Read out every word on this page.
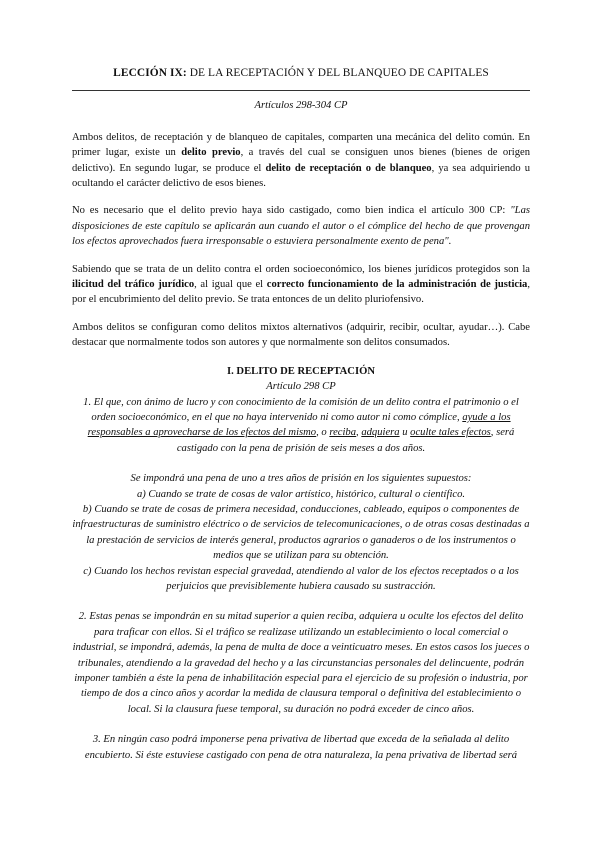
LECCIÓN IX: DE LA RECEPTACIÓN Y DEL BLANQUEO DE CAPITALES
Artículos 298-304 CP

Ambos delitos, de receptación y de blanqueo de capitales, comparten una mecánica del delito común. En primer lugar, existe un delito previo, a través del cual se consiguen unos bienes (bienes de origen delictivo). En segundo lugar, se produce el delito de receptación o de blanqueo, ya sea adquiriendo u ocultando el carácter delictivo de esos bienes.

No es necesario que el delito previo haya sido castigado, como bien indica el artículo 300 CP: "Las disposiciones de este capítulo se aplicarán aun cuando el autor o el cómplice del hecho de que provengan los efectos aprovechados fuera irresponsable o estuviera personalmente exento de pena".

Sabiendo que se trata de un delito contra el orden socioeconómico, los bienes jurídicos protegidos son la ilicitud del tráfico jurídico, al igual que el correcto funcionamiento de la administración de justicia, por el encubrimiento del delito previo. Se trata entonces de un delito pluriofensivo.

Ambos delitos se configuran como delitos mixtos alternativos (adquirir, recibir, ocultar, ayudar…). Cabe destacar que normalmente todos son autores y que normalmente son delitos consumados.

I. DELITO DE RECEPTACIÓN
Artículo 298 CP
1. El que, con ánimo de lucro y con conocimiento de la comisión de un delito contra el patrimonio o el orden socioeconómico, en el que no haya intervenido ni como autor ni como cómplice, ayude a los responsables a aprovecharse de los efectos del mismo, o reciba, adquiera u oculte tales efectos, será castigado con la pena de prisión de seis meses a dos años.
Se impondrá una pena de uno a tres años de prisión en los siguientes supuestos:
a) Cuando se trate de cosas de valor artístico, histórico, cultural o científico.
b) Cuando se trate de cosas de primera necesidad, conducciones, cableado, equipos o componentes de infraestructuras de suministro eléctrico o de servicios de telecomunicaciones, o de otras cosas destinadas a la prestación de servicios de interés general, productos agrarios o ganaderos o de los instrumentos o medios que se utilizan para su obtención.
c) Cuando los hechos revistan especial gravedad, atendiendo al valor de los efectos receptados o a los perjuicios que previsiblemente hubiera causado su sustracción.
2. Estas penas se impondrán en su mitad superior a quien reciba, adquiera u oculte los efectos del delito para traficar con ellos. Si el tráfico se realizase utilizando un establecimiento o local comercial o industrial, se impondrá, además, la pena de multa de doce a veinticuatro meses. En estos casos los jueces o tribunales, atendiendo a la gravedad del hecho y a las circunstancias personales del delincuente, podrán imponer también a éste la pena de inhabilitación especial para el ejercicio de su profesión o industria, por tiempo de dos a cinco años y acordar la medida de clausura temporal o definitiva del establecimiento o local. Si la clausura fuese temporal, su duración no podrá exceder de cinco años.
3. En ningún caso podrá imponerse pena privativa de libertad que exceda de la señalada al delito encubierto. Si éste estuviese castigado con pena de otra naturaleza, la pena privativa de libertad será
